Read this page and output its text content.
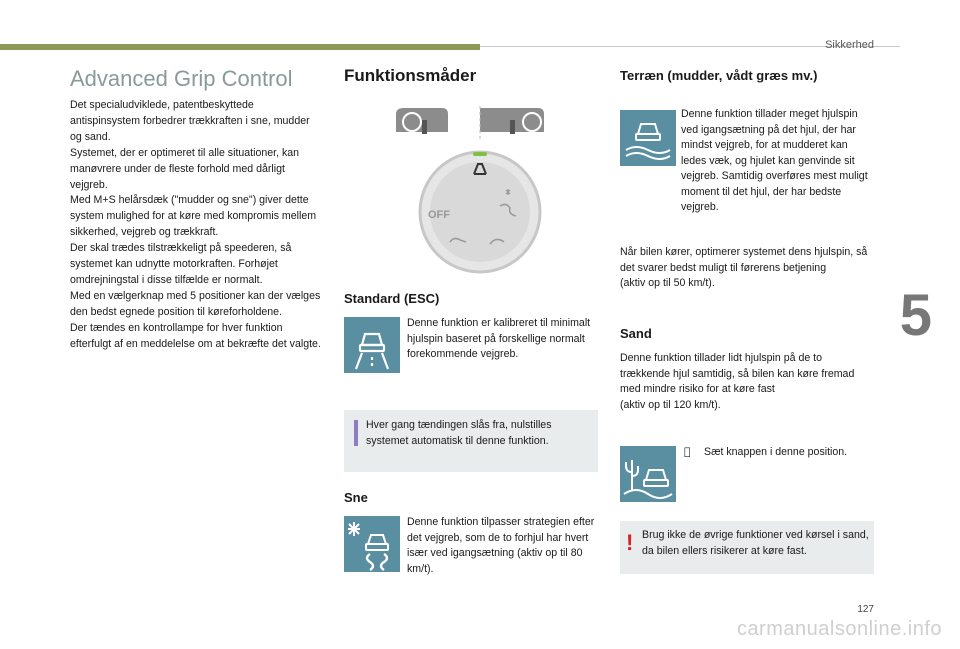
Sikkerhed
5
Advanced Grip Control
Det specialudviklede, patentbeskyttede antispinsystem forbedrer trækkraften i sne, mudder og sand.
Systemet, der er optimeret til alle situationer, kan manøvrere under de fleste forhold med dårligt vejgreb.
Med M+S helårsdæk ("mudder og sne") giver dette system mulighed for at køre med kompromis mellem sikkerhed, vejgreb og trækkraft.
Der skal trædes tilstrækkeligt på speederen, så systemet kan udnytte motorkraften. Forhøjet omdrejningstal i disse tilfælde er normalt.
Med en vælgerknap med 5 positioner kan der vælges den bedst egnede position til køreforholdene.
Der tændes en kontrollampe for hver funktion efterfulgt af en meddelelse om at bekræfte det valgte.
Funktionsmåder
OFF
Standard (ESC)
Denne funktion er kalibreret til minimalt hjulspin baseret på forskellige normalt forekommende vejgreb.
Hver gang tændingen slås fra, nulstilles systemet automatisk til denne funktion.
Sne
Denne funktion tilpasser strategien efter det vejgreb, som de to forhjul har hvert især ved igangsætning (aktiv op til 80 km/t).
Terræn (mudder, vådt græs mv.)
Denne funktion tillader meget hjulspin ved igangsætning på det hjul, der har mindst vejgreb, for at mudderet kan ledes væk, og hjulet kan genvinde sit vejgreb. Samtidig overføres mest muligt moment til det hjul, der har bedste vejgreb.
Når bilen kører, optimerer systemet dens hjulspin, så det svarer bedst muligt til førerens betjening
(aktiv op til 50 km/t).
Sand
Denne funktion tillader lidt hjulspin på de to trækkende hjul samtidig, så bilen kan køre fremad med mindre risiko for at køre fast
(aktiv op til 120 km/t).
Sæt knappen i denne position.
! Brug ikke de øvrige funktioner ved kørsel i sand, da bilen ellers risikerer at køre fast.
127
carmanualsonline.info
